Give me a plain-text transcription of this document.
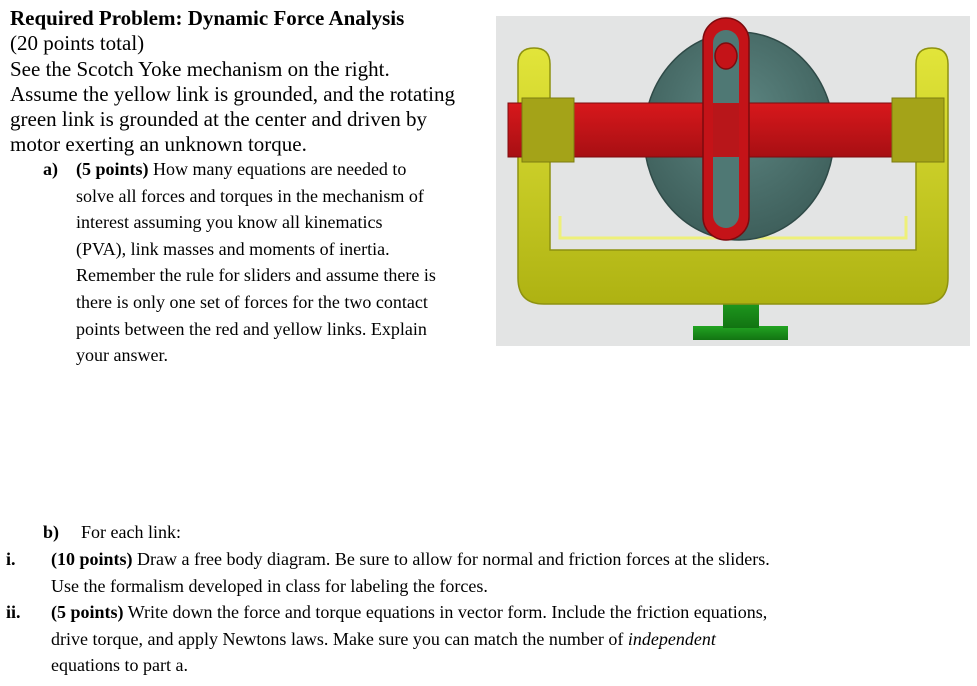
Required Problem: Dynamic Force Analysis
(20 points total)
See the Scotch Yoke mechanism on the right.
Assume the yellow link is grounded, and the rotating
green link is grounded at the center and driven by
motor exerting an unknown torque.
a) (5 points) How many equations are needed to
solve all forces and torques in the mechanism of
interest assuming you know all kinematics
(PVA), link masses and moments of inertia.
Remember the rule for sliders and assume there is
there is only one set of forces for the two contact
points between the red and yellow links. Explain
your answer.
b) For each link:
i. (10 points) Draw a free body diagram. Be sure to allow for normal and friction forces at the sliders.
Use the formalism developed in class for labeling the forces.
ii. (5 points) Write down the force and torque equations in vector form. Include the friction equations,
drive torque, and apply Newtons laws. Make sure you can match the number of independent
equations to part a.
